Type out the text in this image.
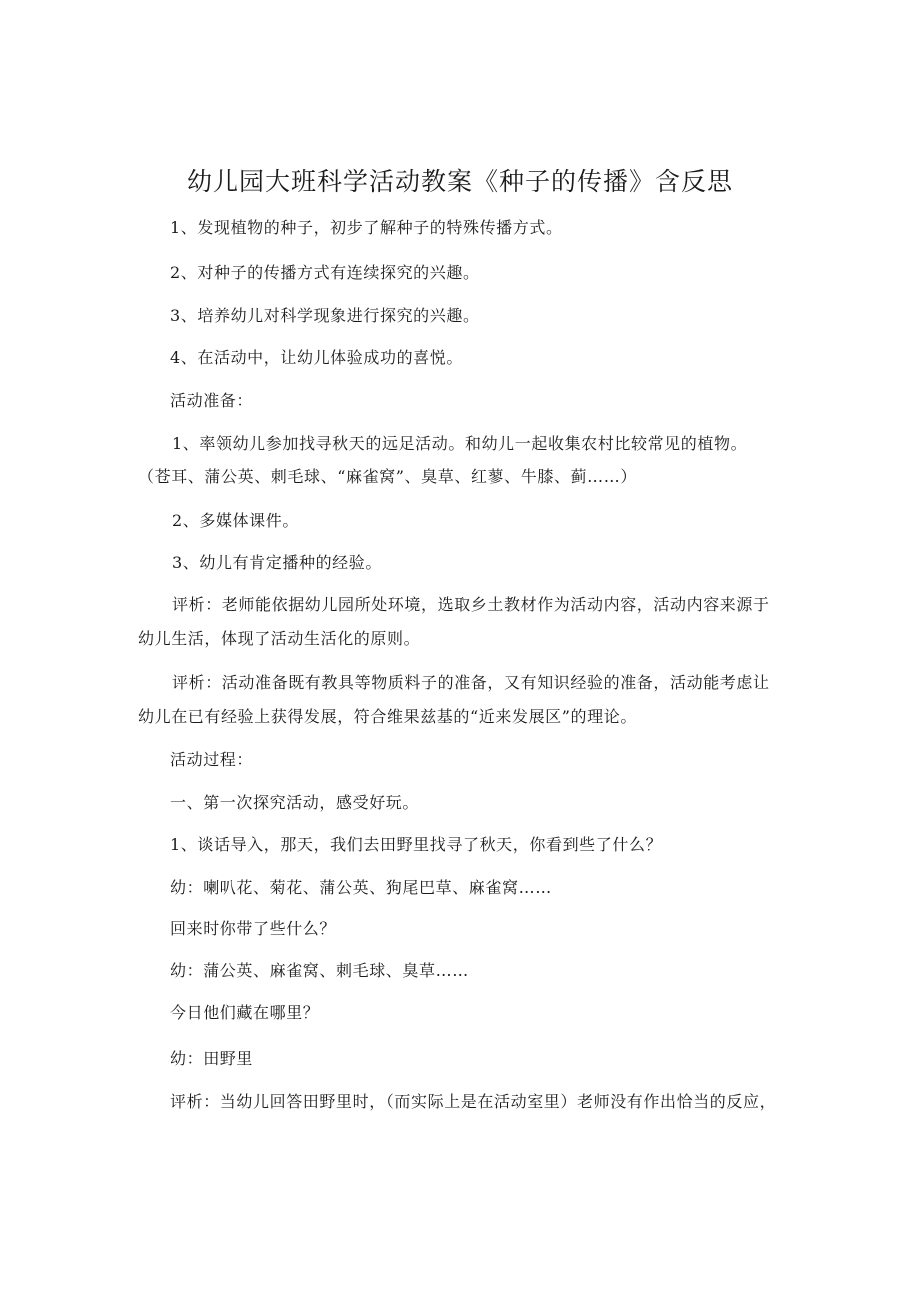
幼儿园大班科学活动教案《种子的传播》含反思
1、发现植物的种子，初步了解种子的特殊传播方式。
2、对种子的传播方式有连续探究的兴趣。
3、培养幼儿对科学现象进行探究的兴趣。
4、在活动中，让幼儿体验成功的喜悦。
活动准备：
1、率领幼儿参加找寻秋天的远足活动。和幼儿一起收集农村比较常见的植物。
（苍耳、蒲公英、刺毛球、“麻雀窝”、臭草、红蓼、牛膝、蓟……）
2、多媒体课件。
3、幼儿有肯定播种的经验。
评析：老师能依据幼儿园所处环境，选取乡土教材作为活动内容，活动内容来源于
幼儿生活，体现了活动生活化的原则。
评析：活动准备既有教具等物质料子的准备，又有知识经验的准备，活动能考虑让
幼儿在已有经验上获得发展，符合维果兹基的“近来发展区”的理论。
活动过程：
一、第一次探究活动，感受好玩。
1、谈话导入，那天，我们去田野里找寻了秋天，你看到些了什么？
幼：喇叭花、菊花、蒲公英、狗尾巴草、麻雀窝……
回来时你带了些什么？
幼：蒲公英、麻雀窝、刺毛球、臭草……
今日他们藏在哪里？
幼：田野里
评析：当幼儿回答田野里时，（而实际上是在活动室里）老师没有作出恰当的反应，
